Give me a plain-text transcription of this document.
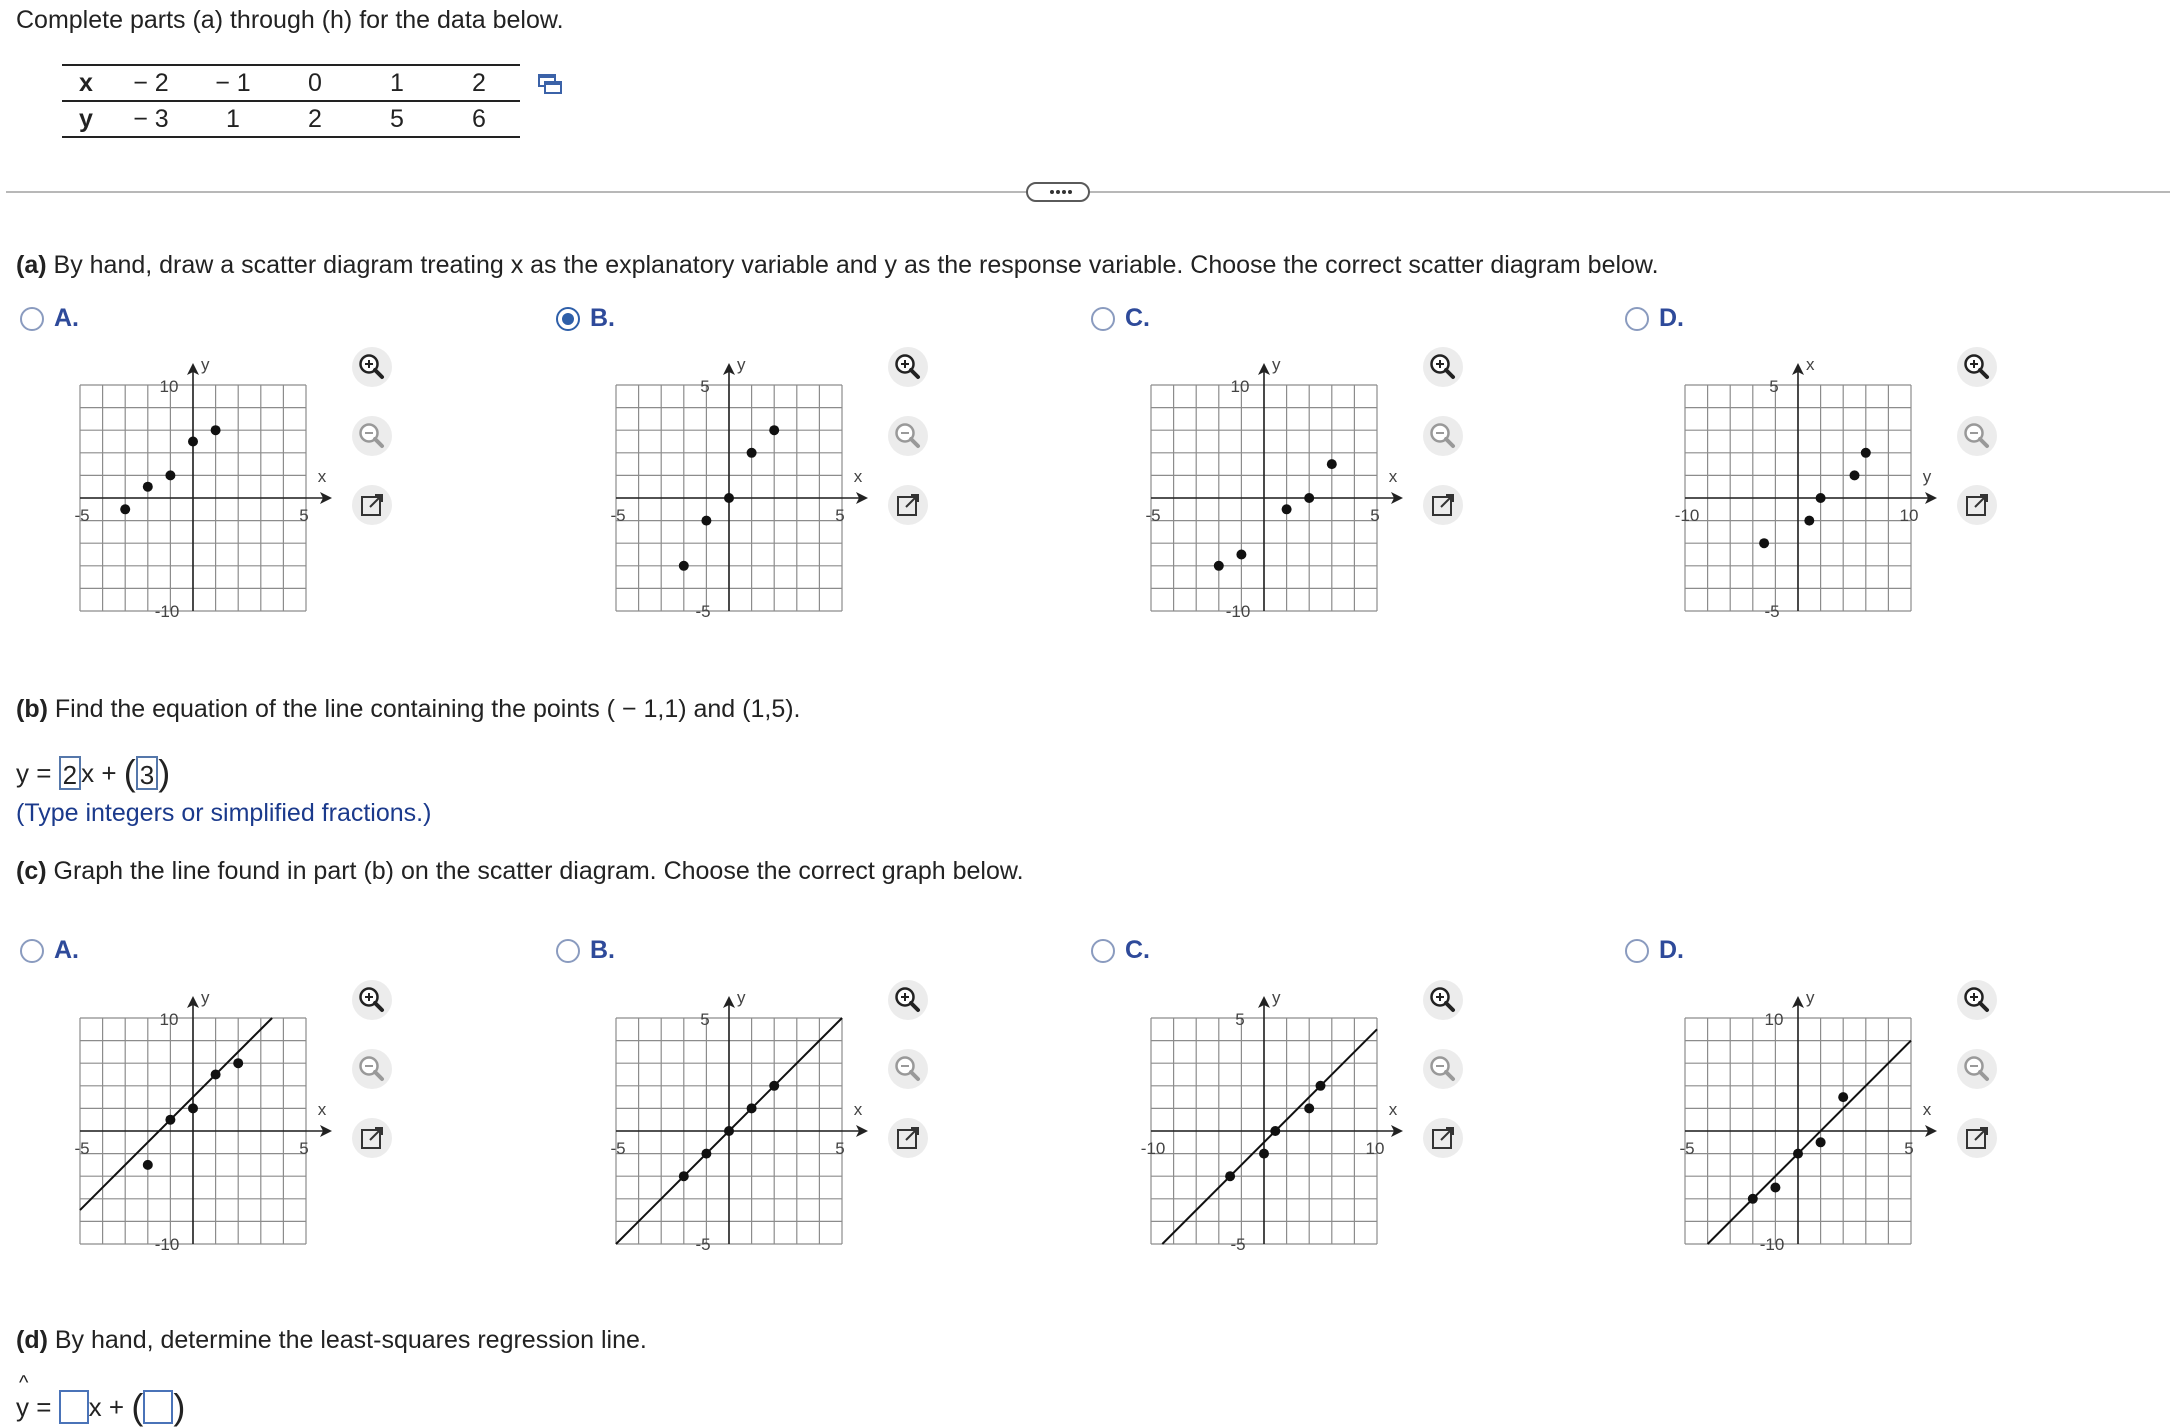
Complete parts (a) through (h) for the data below.
x	− 2	− 1	0	1	2
y	− 3	1	2	5	6
(a) By hand, draw a scatter diagram treating x as the explanatory variable and y as the response variable. Choose the correct scatter diagram below.
(b) Find the equation of the line containing the points ( − 1,1) and (1,5).
y =
2 x +
( 3 )
(Type integers or simplified fractions.)
(c) Graph the line found in part (b) on the scatter diagram. Choose the correct graph below.
(d) By hand, determine the least-squares regression line.
^ y
=
x +
( )
A.
-5	5
10
-10
x
y
B.
-5	5
5
-5
x
y
C.
-5	5
10
-10
x
y
D.
-10	10
5
-5
y
x
A.
-5	5
10
-10
x
y
B.
-5	5
5
-5
x
y
C.
-10	10
5
-5
x
y
D.
-5	5
10
-10
x
y
